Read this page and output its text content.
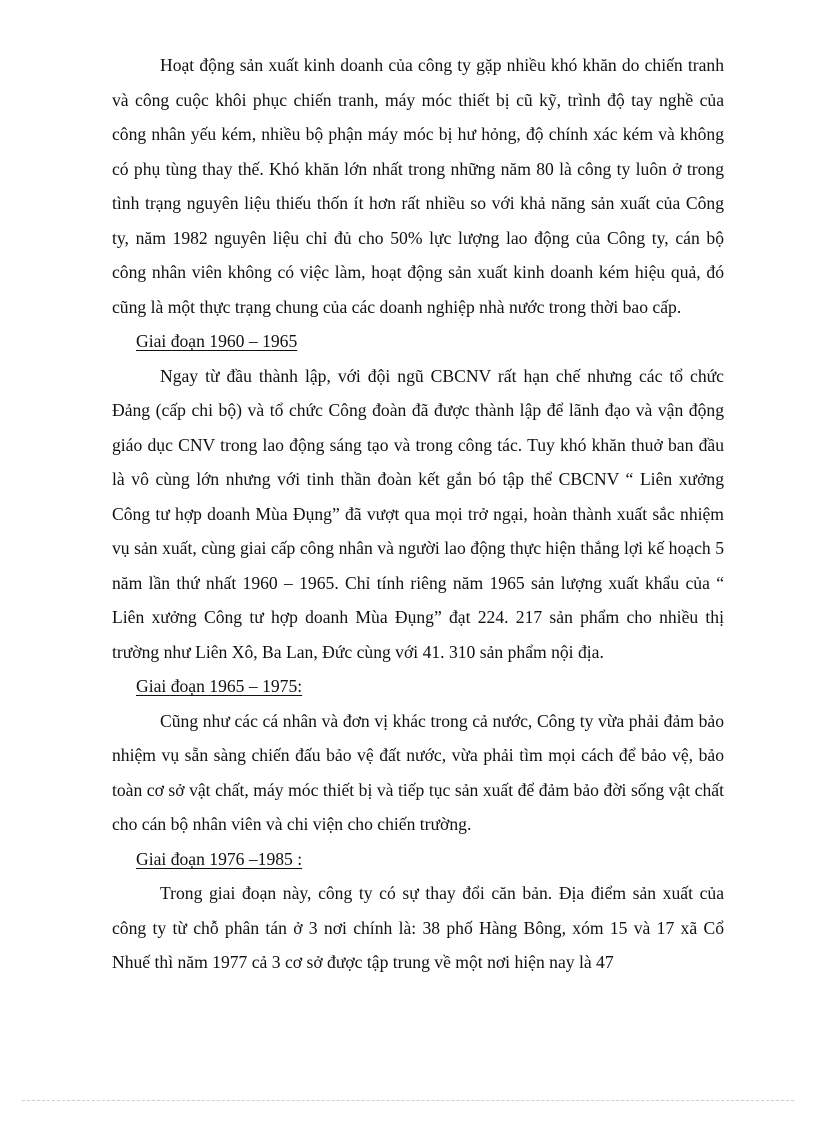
Hoạt động sản xuất kinh doanh của công ty gặp nhiều khó khăn do chiến tranh và công cuộc khôi phục chiến tranh, máy móc thiết bị cũ kỹ, trình độ tay nghề của công nhân yếu kém, nhiều bộ phận máy móc bị hư hỏng, độ chính xác kém và không có phụ tùng thay thế. Khó khăn lớn nhất trong những năm 80 là công ty luôn ở trong tình trạng nguyên liệu thiếu thốn ít hơn rất nhiều so với khả năng sản xuất của Công ty, năm 1982 nguyên liệu chỉ đủ cho 50% lực lượng lao động của Công ty, cán bộ công nhân viên không có việc làm, hoạt động sản xuất kinh doanh kém hiệu quả, đó cũng là một thực trạng chung của các doanh nghiệp nhà nước trong thời bao cấp.

Giai đoạn 1960 – 1965

Ngay từ đầu thành lập, với đội ngũ CBCNV rất hạn chế nhưng các tổ chức Đảng (cấp chi bộ) và tổ chức Công đoàn đã được thành lập để lãnh đạo và vận động giáo dục CNV trong lao động sáng tạo và trong công tác. Tuy khó khăn thuở ban đầu là vô cùng lớn nhưng với tinh thần đoàn kết gắn bó tập thể CBCNV “ Liên xưởng Công tư hợp doanh Mùa Đụng” đã vượt qua mọi trở ngại, hoàn thành xuất sắc nhiệm vụ sản xuất, cùng giai cấp công nhân và người lao động thực hiện thắng lợi kế hoạch 5 năm lần thứ nhất 1960 – 1965. Chỉ tính riêng năm 1965 sản lượng xuất khẩu của “ Liên xưởng Công tư hợp doanh Mùa Đụng” đạt 224. 217 sản phẩm cho nhiều thị trường như Liên Xô, Ba Lan, Đức cùng với 41. 310 sản phẩm nội địa.

Giai đoạn 1965 – 1975:

Cũng như các cá nhân và đơn vị khác trong cả nước, Công ty vừa phải đảm bảo nhiệm vụ sẵn sàng chiến đấu bảo vệ đất nước, vừa phải tìm mọi cách để bảo vệ, bảo toàn cơ sở vật chất, máy móc thiết bị và tiếp tục sản xuất để đảm bảo đời sống vật chất cho cán bộ nhân viên và chi viện cho chiến trường.

Giai đoạn 1976 –1985 :

Trong giai đoạn này, công ty có sự thay đổi căn bản. Địa điểm sản xuất của công ty từ chỗ phân tán ở 3 nơi chính là: 38 phố Hàng Bông, xóm 15 và 17 xã Cổ Nhuế thì năm 1977 cả 3 cơ sở được tập trung về một nơi hiện nay là 47
